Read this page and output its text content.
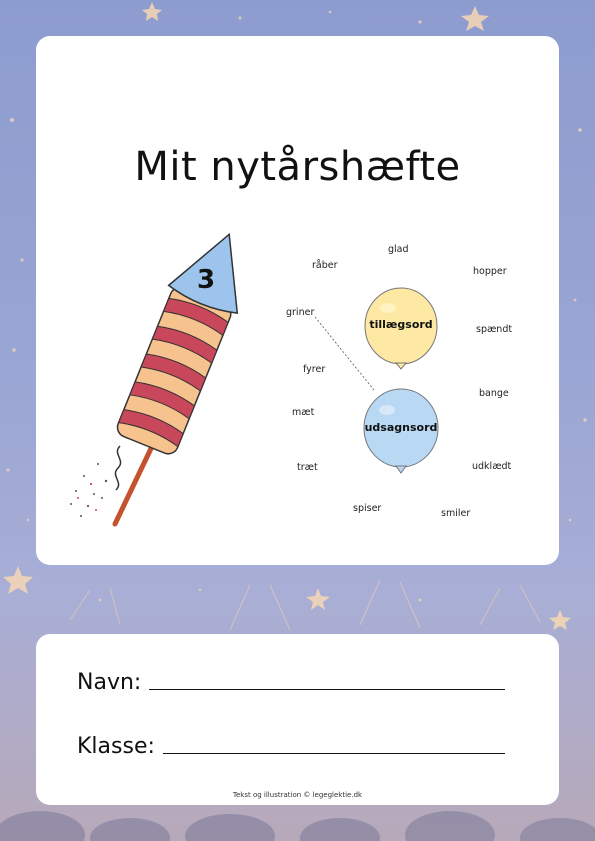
Mit nytårshæfte
3
tillægsord
udsagnsord
glad
råber
hopper
griner
spændt
fyrer
bange
mæt
træt	udklædt
spiser	smiler
Navn:
Klasse:
Tekst og illustration © legeglektie.dk
